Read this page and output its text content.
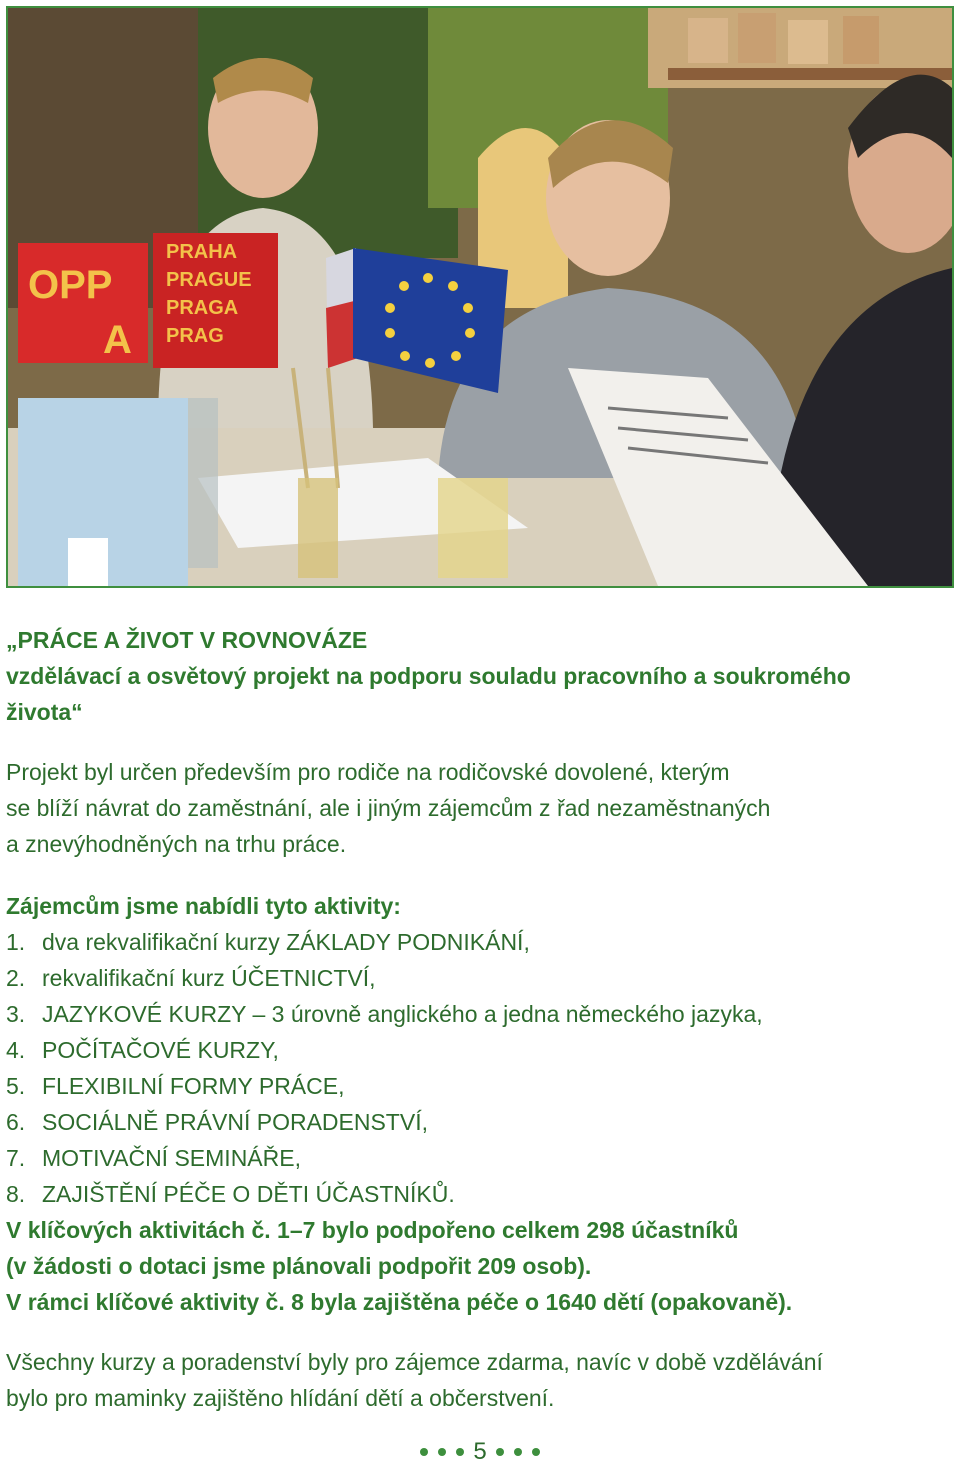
OPP
A
PRAHA
PRAGUE
PRAGA
PRAG
„PRÁCE A ŽIVOT V ROVNOVÁZE
vzdělávací a osvětový projekt na podporu souladu pracovního a soukromého
života“
Projekt byl určen především pro rodiče na rodičovské dovolené, kterým
se blíží návrat do zaměstnání, ale i jiným zájemcům z řad nezaměstnaných
a znevýhodněných na trhu práce.
Zájemcům jsme nabídli tyto aktivity:
1. dva rekvalifikační kurzy ZÁKLADY PODNIKÁNÍ,
2. rekvalifikační kurz ÚČETNICTVÍ,
3. JAZYKOVÉ KURZY – 3 úrovně anglického a jedna německého jazyka,
4. POČÍTAČOVÉ KURZY,
5. FLEXIBILNÍ FORMY PRÁCE,
6. SOCIÁLNĚ PRÁVNÍ PORADENSTVÍ,
7. MOTIVAČNÍ SEMINÁŘE,
8. ZAJIŠTĚNÍ PÉČE O DĚTI ÚČASTNÍKŮ.
V klíčových aktivitách č. 1–7 bylo podpořeno celkem 298 účastníků
(v žádosti o dotaci jsme plánovali podpořit 209 osob).
V rámci klíčové aktivity č. 8 byla zajištěna péče o 1640 dětí (opakovaně).
Všechny kurzy a poradenství byly pro zájemce zdarma, navíc v době vzdělávání
bylo pro maminky zajištěno hlídání dětí a občerstvení.
5
